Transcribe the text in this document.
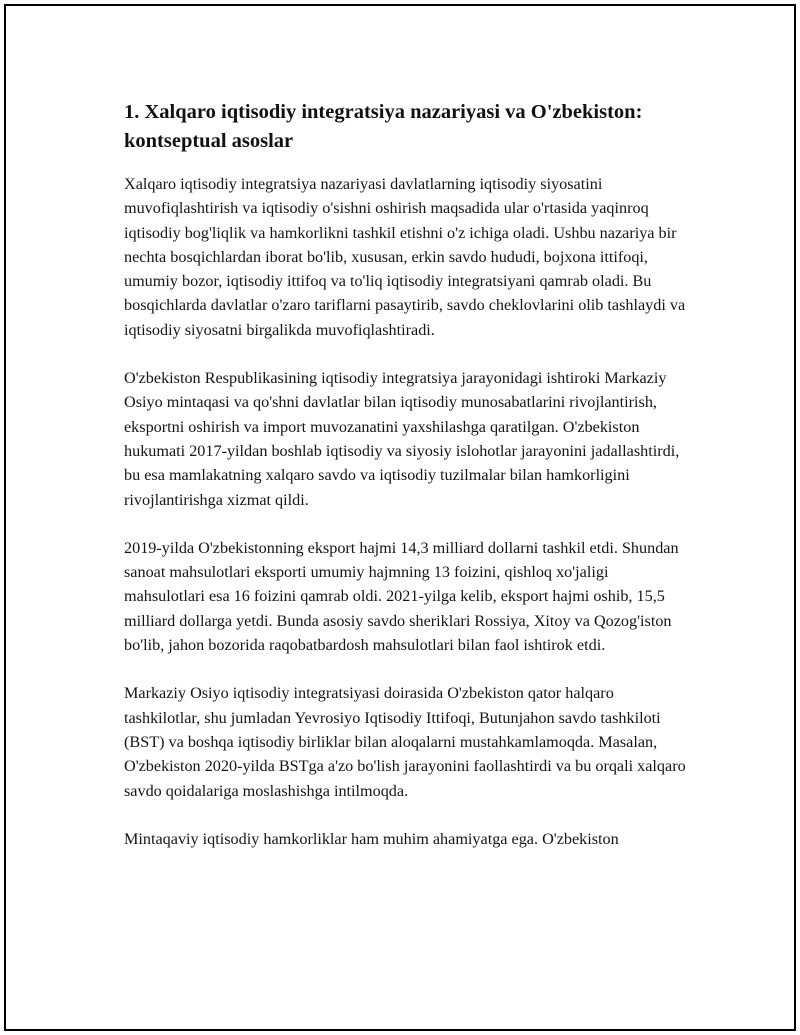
1. Xalqaro iqtisodiy integratsiya nazariyasi va O'zbekiston: kontseptual asoslar

Xalqaro iqtisodiy integratsiya nazariyasi davlatlarning iqtisodiy siyosatini muvofiqlashtirish va iqtisodiy o'sishni oshirish maqsadida ular o'rtasida yaqinroq iqtisodiy bog'liqlik va hamkorlikni tashkil etishni o'z ichiga oladi. Ushbu nazariya bir nechta bosqichlardan iborat bo'lib, xususan, erkin savdo hududi, bojxona ittifoqi, umumiy bozor, iqtisodiy ittifoq va to'liq iqtisodiy integratsiyani qamrab oladi. Bu bosqichlarda davlatlar o'zaro tariflarni pasaytirib, savdo cheklovlarini olib tashlaydi va iqtisodiy siyosatni birgalikda muvofiqlashtiradi.

O'zbekiston Respublikasining iqtisodiy integratsiya jarayonidagi ishtiroki Markaziy Osiyo mintaqasi va qo'shni davlatlar bilan iqtisodiy munosabatlarini rivojlantirish, eksportni oshirish va import muvozanatini yaxshilashga qaratilgan. O'zbekiston hukumati 2017-yildan boshlab iqtisodiy va siyosiy islohotlar jarayonini jadallashtirdi, bu esa mamlakatning xalqaro savdo va iqtisodiy tuzilmalar bilan hamkorligini rivojlantirishga xizmat qildi.

2019-yilda O'zbekistonning eksport hajmi 14,3 milliard dollarni tashkil etdi. Shundan sanoat mahsulotlari eksporti umumiy hajmning 13 foizini, qishloq xo'jaligi mahsulotlari esa 16 foizini qamrab oldi. 2021-yilga kelib, eksport hajmi oshib, 15,5 milliard dollarga yetdi. Bunda asosiy savdo sheriklari Rossiya, Xitoy va Qozog'iston bo'lib, jahon bozorida raqobatbardosh mahsulotlari bilan faol ishtirok etdi.

Markaziy Osiyo iqtisodiy integratsiyasi doirasida O'zbekiston qator halqaro tashkilotlar, shu jumladan Yevrosiyo Iqtisodiy Ittifoqi, Butunjahon savdo tashkiloti (BST) va boshqa iqtisodiy birliklar bilan aloqalarni mustahkamlamoqda. Masalan, O'zbekiston 2020-yilda BSTga a'zo bo'lish jarayonini faollashtirdi va bu orqali xalqaro savdo qoidalariga moslashishga intilmoqda.

Mintaqaviy iqtisodiy hamkorliklar ham muhim ahamiyatga ega. O'zbekiston
